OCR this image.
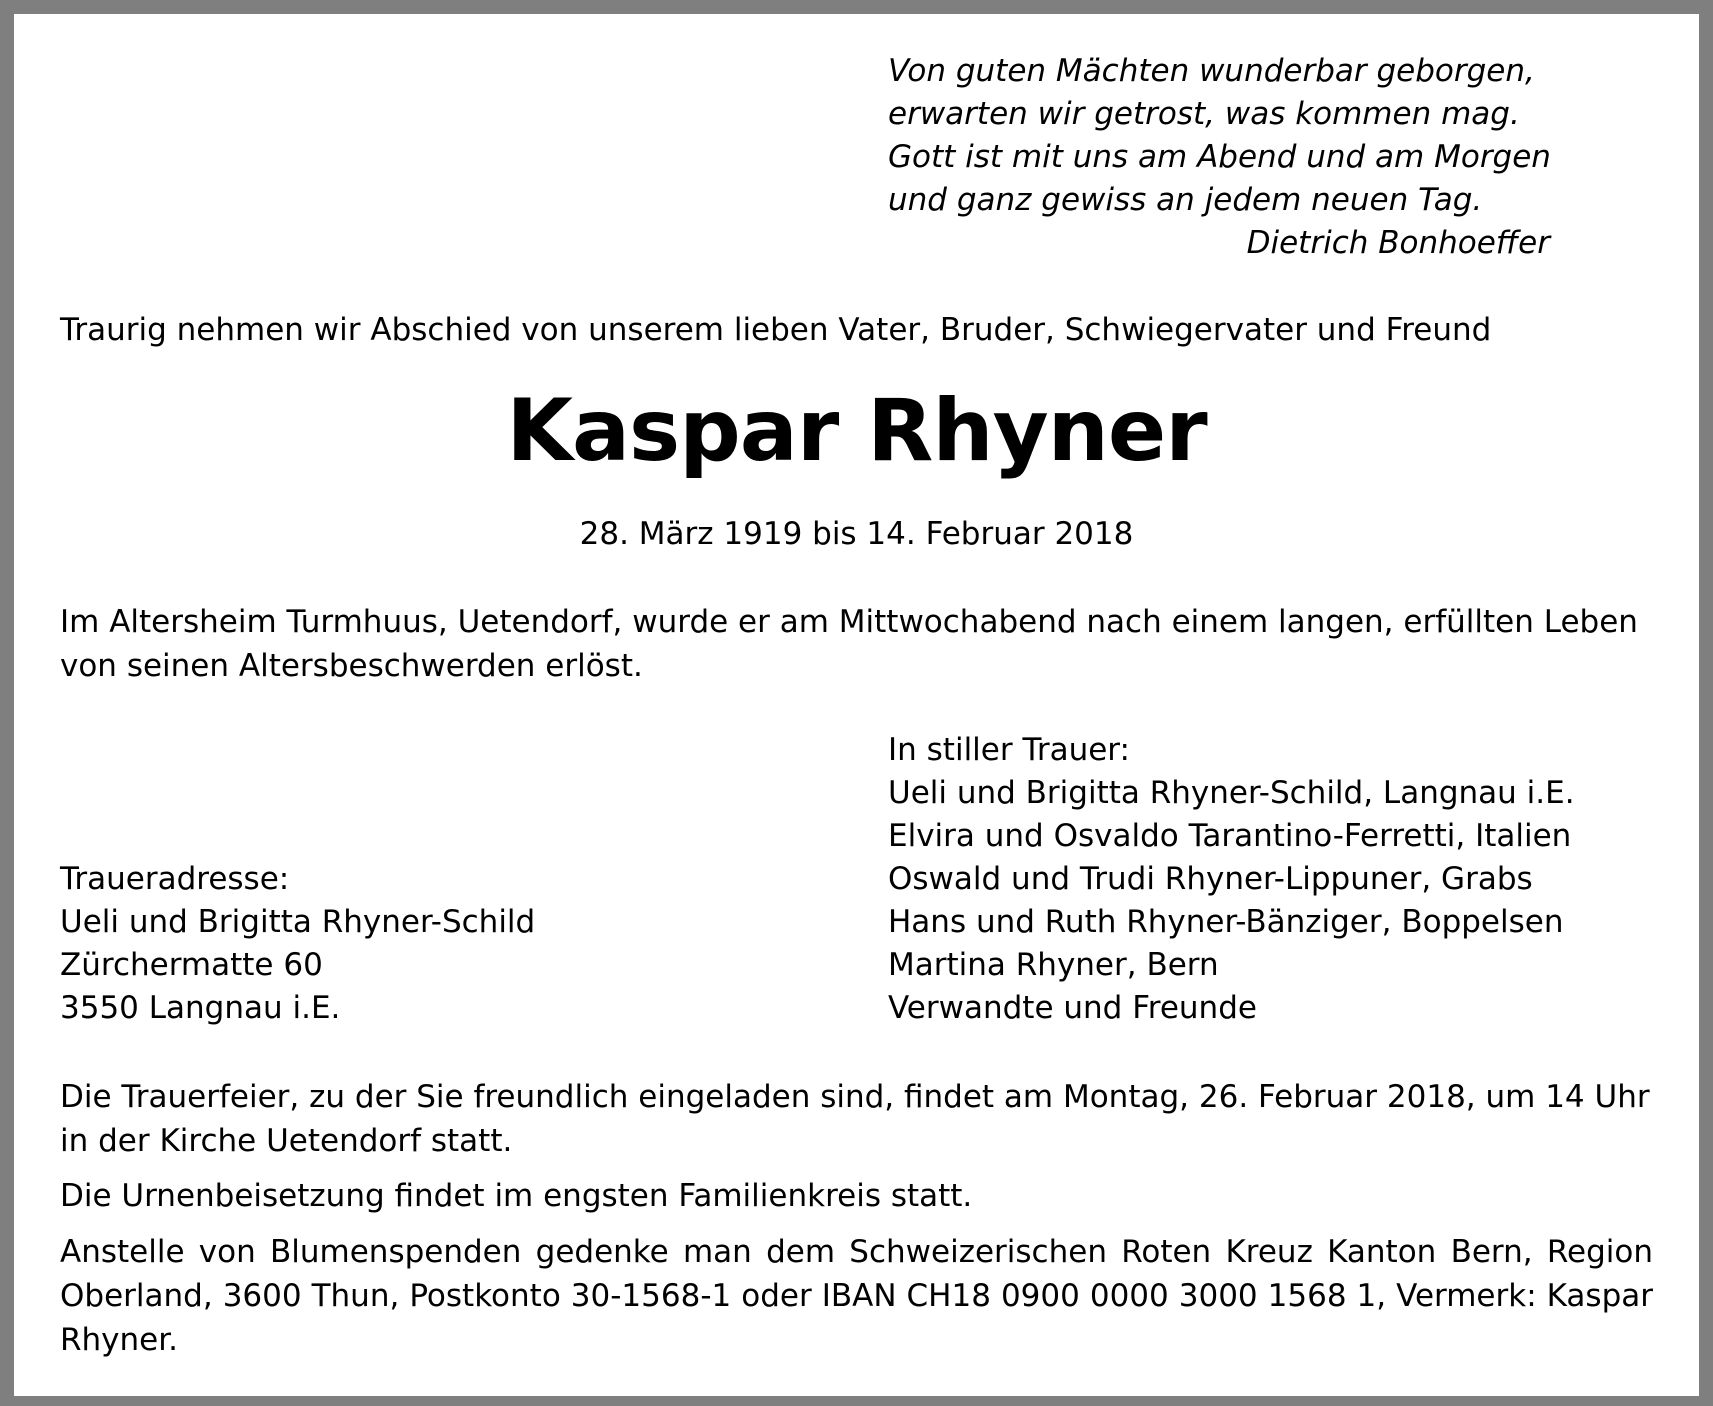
Von guten Mächten wunderbar geborgen,
erwarten wir getrost, was kommen mag.
Gott ist mit uns am Abend und am Morgen
und ganz gewiss an jedem neuen Tag.
Dietrich Bonhoeffer
Traurig nehmen wir Abschied von unserem lieben Vater, Bruder, Schwiegervater und Freund
Kaspar Rhyner
28. März 1919 bis 14. Februar 2018
Im Altersheim Turmhuus, Uetendorf, wurde er am Mittwochabend nach einem langen, erfüllten Leben von seinen Altersbeschwerden erlöst.
In stiller Trauer:
Ueli und Brigitta Rhyner-Schild, Langnau i.E.
Elvira und Osvaldo Tarantino-Ferretti, Italien
Oswald und Trudi Rhyner-Lippuner, Grabs
Hans und Ruth Rhyner-Bänziger, Boppelsen
Martina Rhyner, Bern
Verwandte und Freunde
Traueradresse:
Ueli und Brigitta Rhyner-Schild
Zürchermatte 60
3550 Langnau i.E.
Die Trauerfeier, zu der Sie freundlich eingeladen sind, findet am Montag, 26. Februar 2018, um 14 Uhr in der Kirche Uetendorf statt.
Die Urnenbeisetzung findet im engsten Familienkreis statt.
Anstelle von Blumenspenden gedenke man dem Schweizerischen Roten Kreuz Kanton Bern, Region Oberland, 3600 Thun, Postkonto 30-1568-1 oder IBAN CH18 0900 0000 3000 1568 1, Vermerk: Kaspar Rhyner.
